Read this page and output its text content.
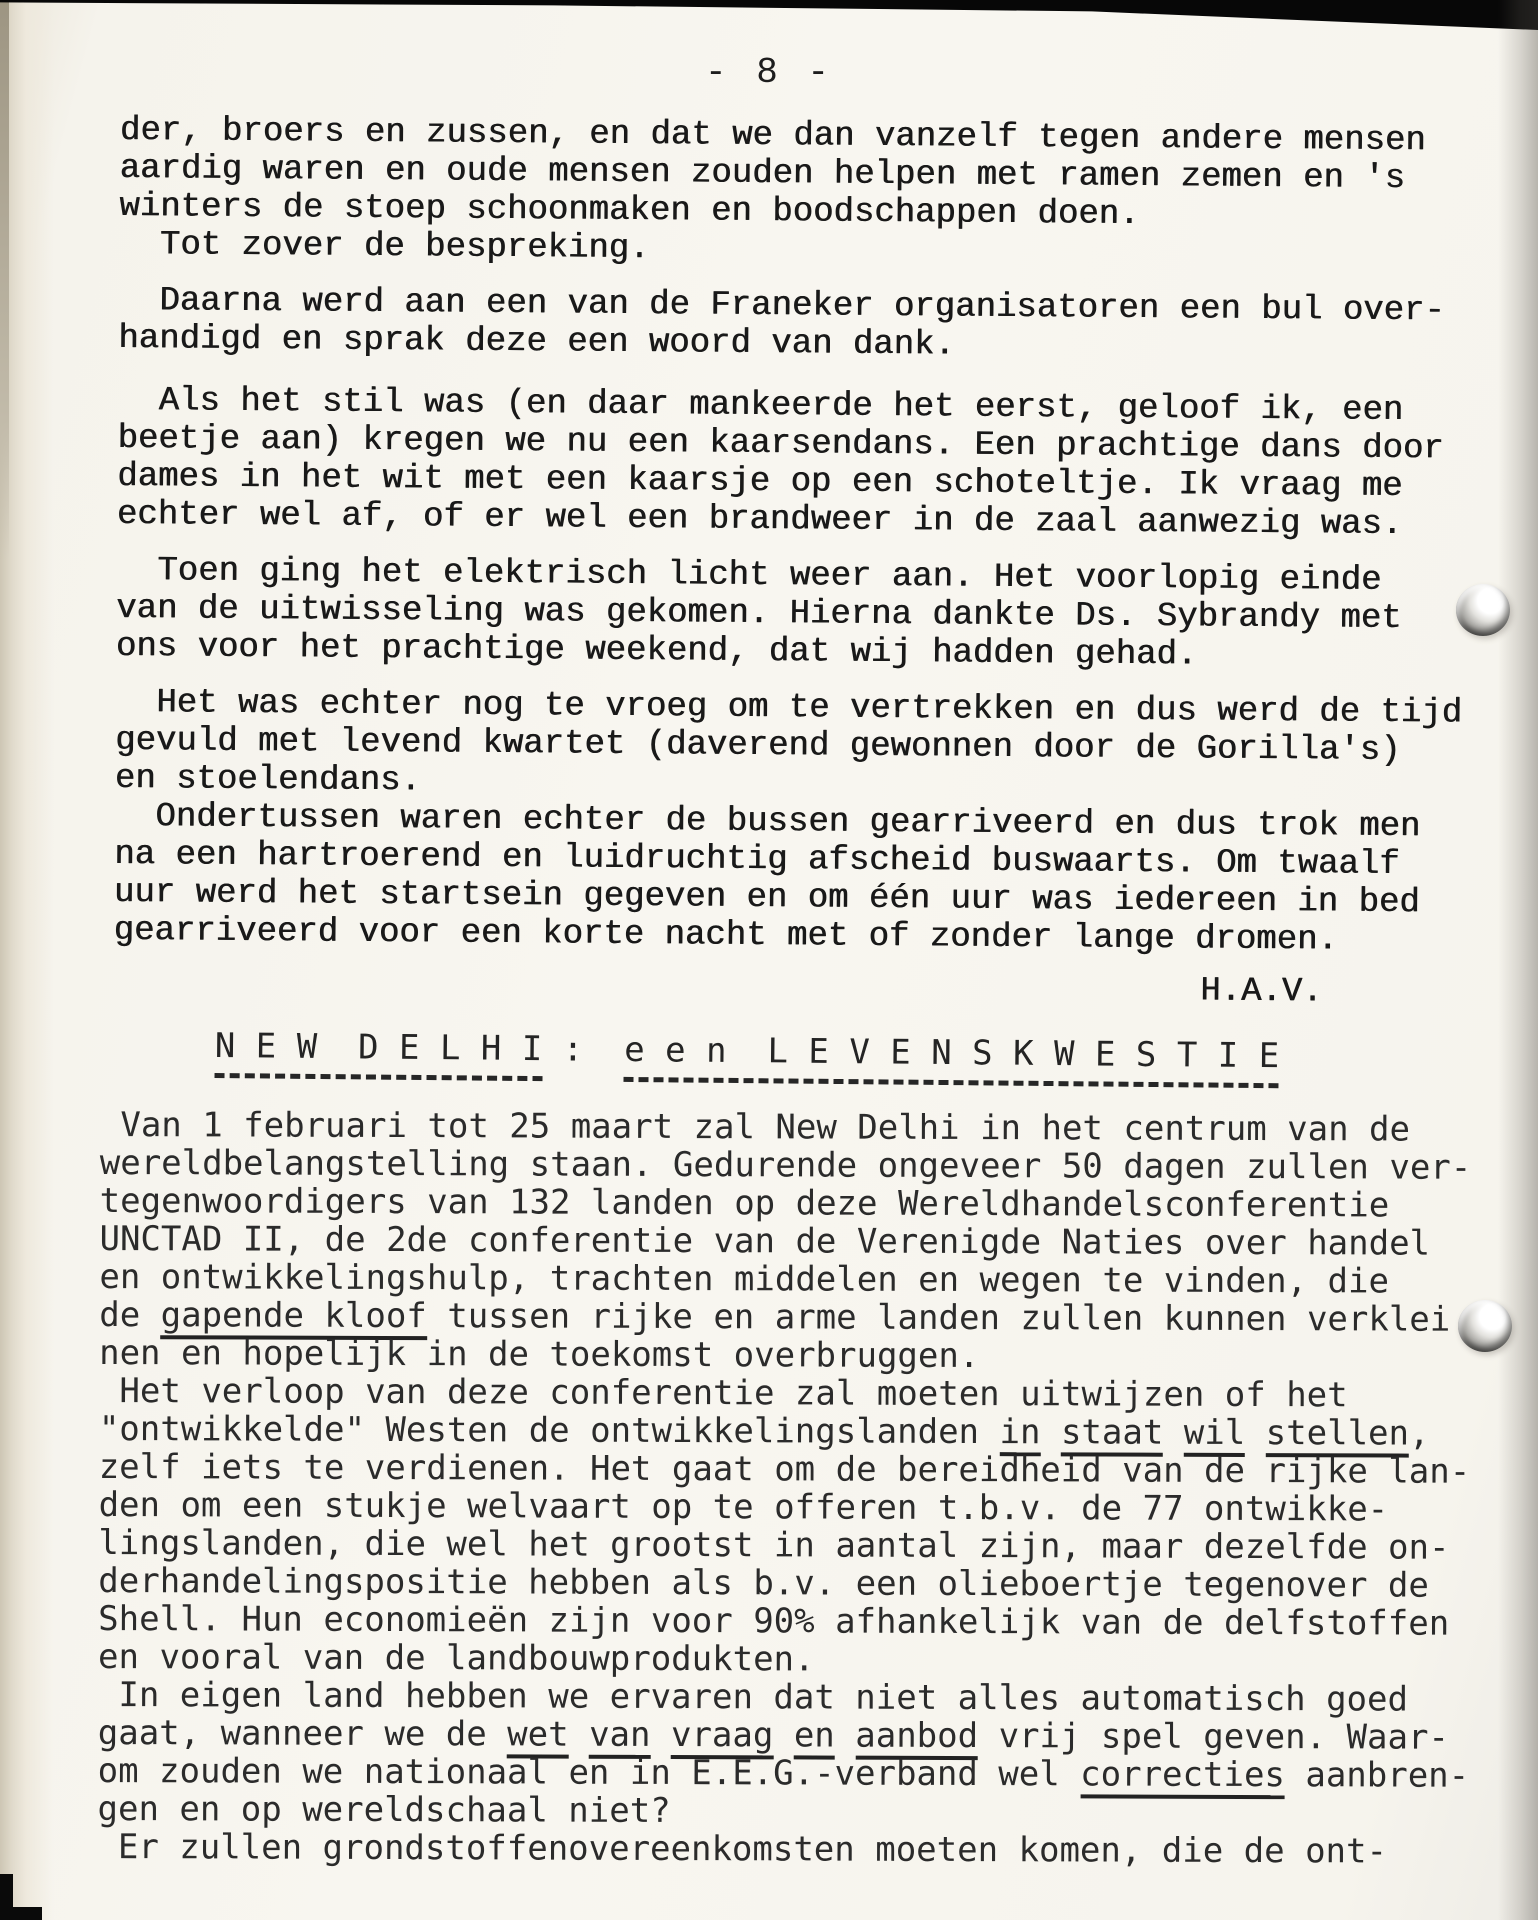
- 8 -
der, broers en zussen, en dat we dan vanzelf tegen andere mensen
aardig waren en oude mensen zouden helpen met ramen zemen en 's
winters de stoep schoonmaken en boodschappen doen.
Tot zover de bespreking.
Daarna werd aan een van de Franeker organisatoren een bul over-
handigd en sprak deze een woord van dank.
Als het stil was (en daar mankeerde het eerst, geloof ik, een
beetje aan) kregen we nu een kaarsendans. Een prachtige dans door
dames in het wit met een kaarsje op een schoteltje. Ik vraag me
echter wel af, of er wel een brandweer in de zaal aanwezig was.
Toen ging het elektrisch licht weer aan. Het voorlopig einde
van de uitwisseling was gekomen. Hierna dankte Ds. Sybrandy met
ons voor het prachtige weekend, dat wij hadden gehad.
Het was echter nog te vroeg om te vertrekken en dus werd de tijd
gevuld met levend kwartet (daverend gewonnen door de Gorilla's)
en stoelendans.
Ondertussen waren echter de bussen gearriveerd en dus trok men
na een hartroerend en luidruchtig afscheid buswaarts. Om twaalf
uur werd het startsein gegeven en om één uur was iedereen in bed
gearriveerd voor een korte nacht met of zonder lange dromen.
H.A.V.
N E W  D E L H I :  e e n  L E V E N S K W E S T I E
Van 1 februari tot 25 maart zal New Delhi in het centrum van de
wereldbelangstelling staan. Gedurende ongeveer 50 dagen zullen ver-
tegenwoordigers van 132 landen op deze Wereldhandelsconferentie
UNCTAD II, de 2de conferentie van de Verenigde Naties over handel
en ontwikkelingshulp, trachten middelen en wegen te vinden, die
de gapende kloof tussen rijke en arme landen zullen kunnen verklei
nen en hopelijk in de toekomst overbruggen.
Het verloop van deze conferentie zal moeten uitwijzen of het
"ontwikkelde" Westen de ontwikkelingslanden in staat wil stellen,
zelf iets te verdienen. Het gaat om de bereidheid van de rijke lan-
den om een stukje welvaart op te offeren t.b.v. de 77 ontwikke-
lingslanden, die wel het grootst in aantal zijn, maar dezelfde on-
derhandelingspositie hebben als b.v. een olieboertje tegenover de
Shell. Hun economieën zijn voor 90% afhankelijk van de delfstoffen
en vooral van de landbouwprodukten.
In eigen land hebben we ervaren dat niet alles automatisch goed
gaat, wanneer we de wet van vraag en aanbod vrij spel geven. Waar-
om zouden we nationaal en in E.E.G.-verband wel correcties aanbren-
gen en op wereldschaal niet?
Er zullen grondstoffenovereenkomsten moeten komen, die de ont-
